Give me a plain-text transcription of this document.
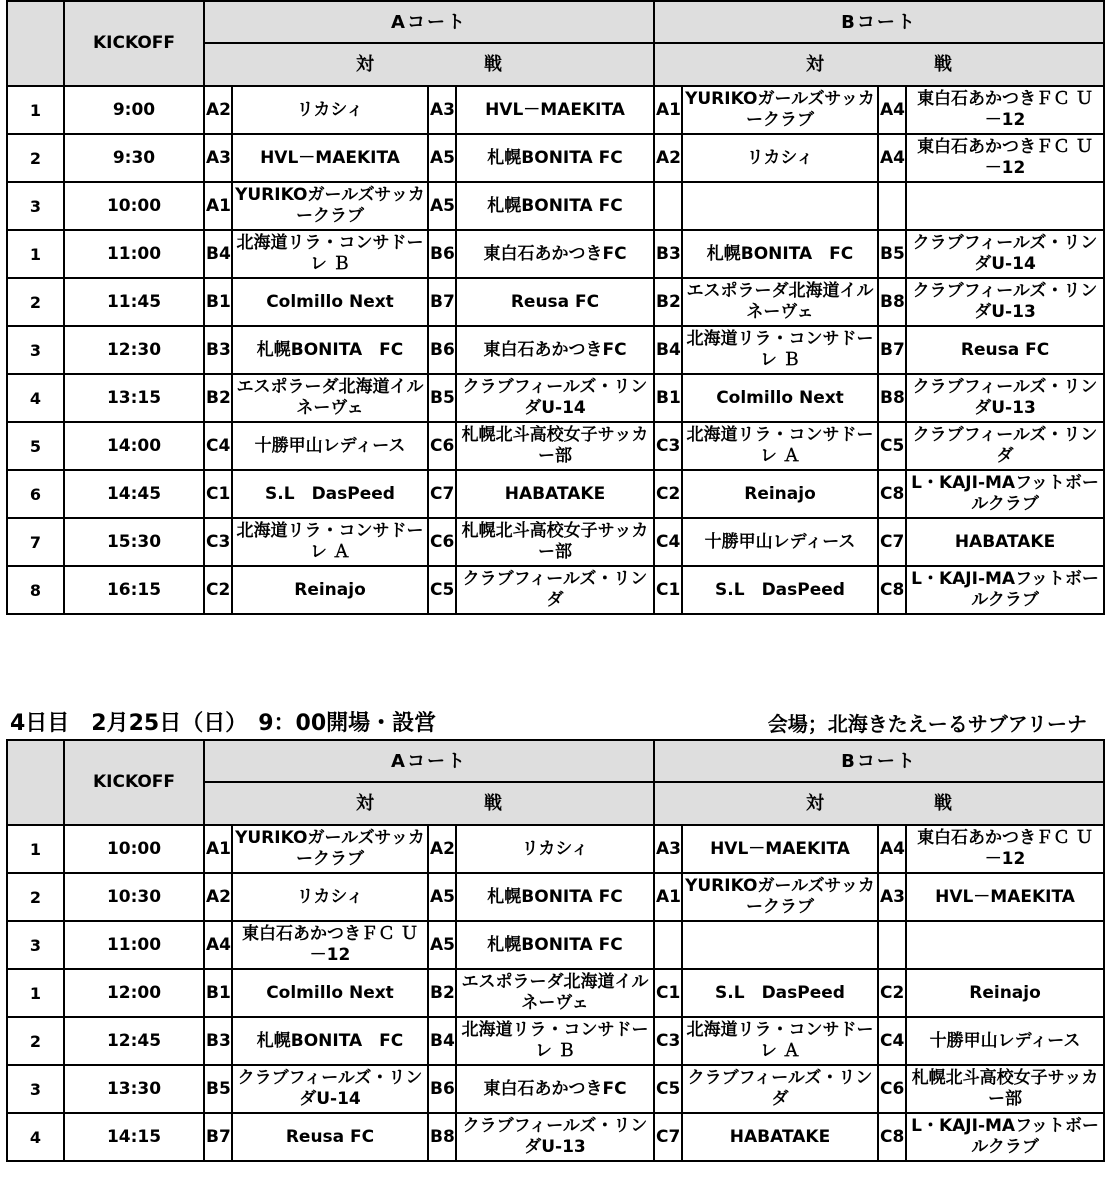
	KICKOFF	Aコート				Bコート			
		対 戦				対 戦			
1	9:00	A2	リカシィ	A3	HVL－MAEKITA	A1	YURIKOガールズサッカークラブ	A4	東白石あかつきＦＣ Ｕ－12
2	9:30	A3	HVL－MAEKITA	A5	札幌BONITA FC	A2	リカシィ	A4	東白石あかつきＦＣ Ｕ－12
3	10:00	A1	YURIKOガールズサッカークラブ	A5	札幌BONITA FC				
1	11:00	B4	北海道リラ・コンサドーレ Ｂ	B6	東白石あかつきFC	B3	札幌BONITA　FC	B5	クラブフィールズ・リンダU-14
2	11:45	B1	Colmillo Next	B7	Reusa FC	B2	エスポラーダ北海道イルネーヴェ	B8	クラブフィールズ・リンダU-13
3	12:30	B3	札幌BONITA　FC	B6	東白石あかつきFC	B4	北海道リラ・コンサドーレ Ｂ	B7	Reusa FC
4	13:15	B2	エスポラーダ北海道イルネーヴェ	B5	クラブフィールズ・リンダU-14	B1	Colmillo Next	B8	クラブフィールズ・リンダU-13
5	14:00	C4	十勝甲山レディース	C6	札幌北斗高校女子サッカー部	C3	北海道リラ・コンサドーレ Ａ	C5	クラブフィールズ・リンダ
6	14:45	C1	S.L　DasPeed	C7	HABATAKE	C2	Reinajo	C8	L・KAJI-MAフットボールクラブ
7	15:30	C3	北海道リラ・コンサドーレ Ａ	C6	札幌北斗高校女子サッカー部	C4	十勝甲山レディース	C7	HABATAKE
8	16:15	C2	Reinajo	C5	クラブフィールズ・リンダ	C1	S.L　DasPeed	C8	L・KAJI-MAフットボールクラブ
4日目　2月25日（日）　9：00開場・設営	会場；北海きたえーるサブアリーナ
	KICKOFF	Aコート				Bコート			
		対 戦				対 戦			
1	10:00	A1	YURIKOガールズサッカークラブ	A2	リカシィ	A3	HVL－MAEKITA	A4	東白石あかつきＦＣ Ｕ－12
2	10:30	A2	リカシィ	A5	札幌BONITA FC	A1	YURIKOガールズサッカークラブ	A3	HVL－MAEKITA
3	11:00	A4	東白石あかつきＦＣ Ｕ－12	A5	札幌BONITA FC				
1	12:00	B1	Colmillo Next	B2	エスポラーダ北海道イルネーヴェ	C1	S.L　DasPeed	C2	Reinajo
2	12:45	B3	札幌BONITA　FC	B4	北海道リラ・コンサドーレ Ｂ	C3	北海道リラ・コンサドーレ Ａ	C4	十勝甲山レディース
3	13:30	B5	クラブフィールズ・リンダU-14	B6	東白石あかつきFC	C5	クラブフィールズ・リンダ	C6	札幌北斗高校女子サッカー部
4	14:15	B7	Reusa FC	B8	クラブフィールズ・リンダU-13	C7	HABATAKE	C8	L・KAJI-MAフットボールクラブ
